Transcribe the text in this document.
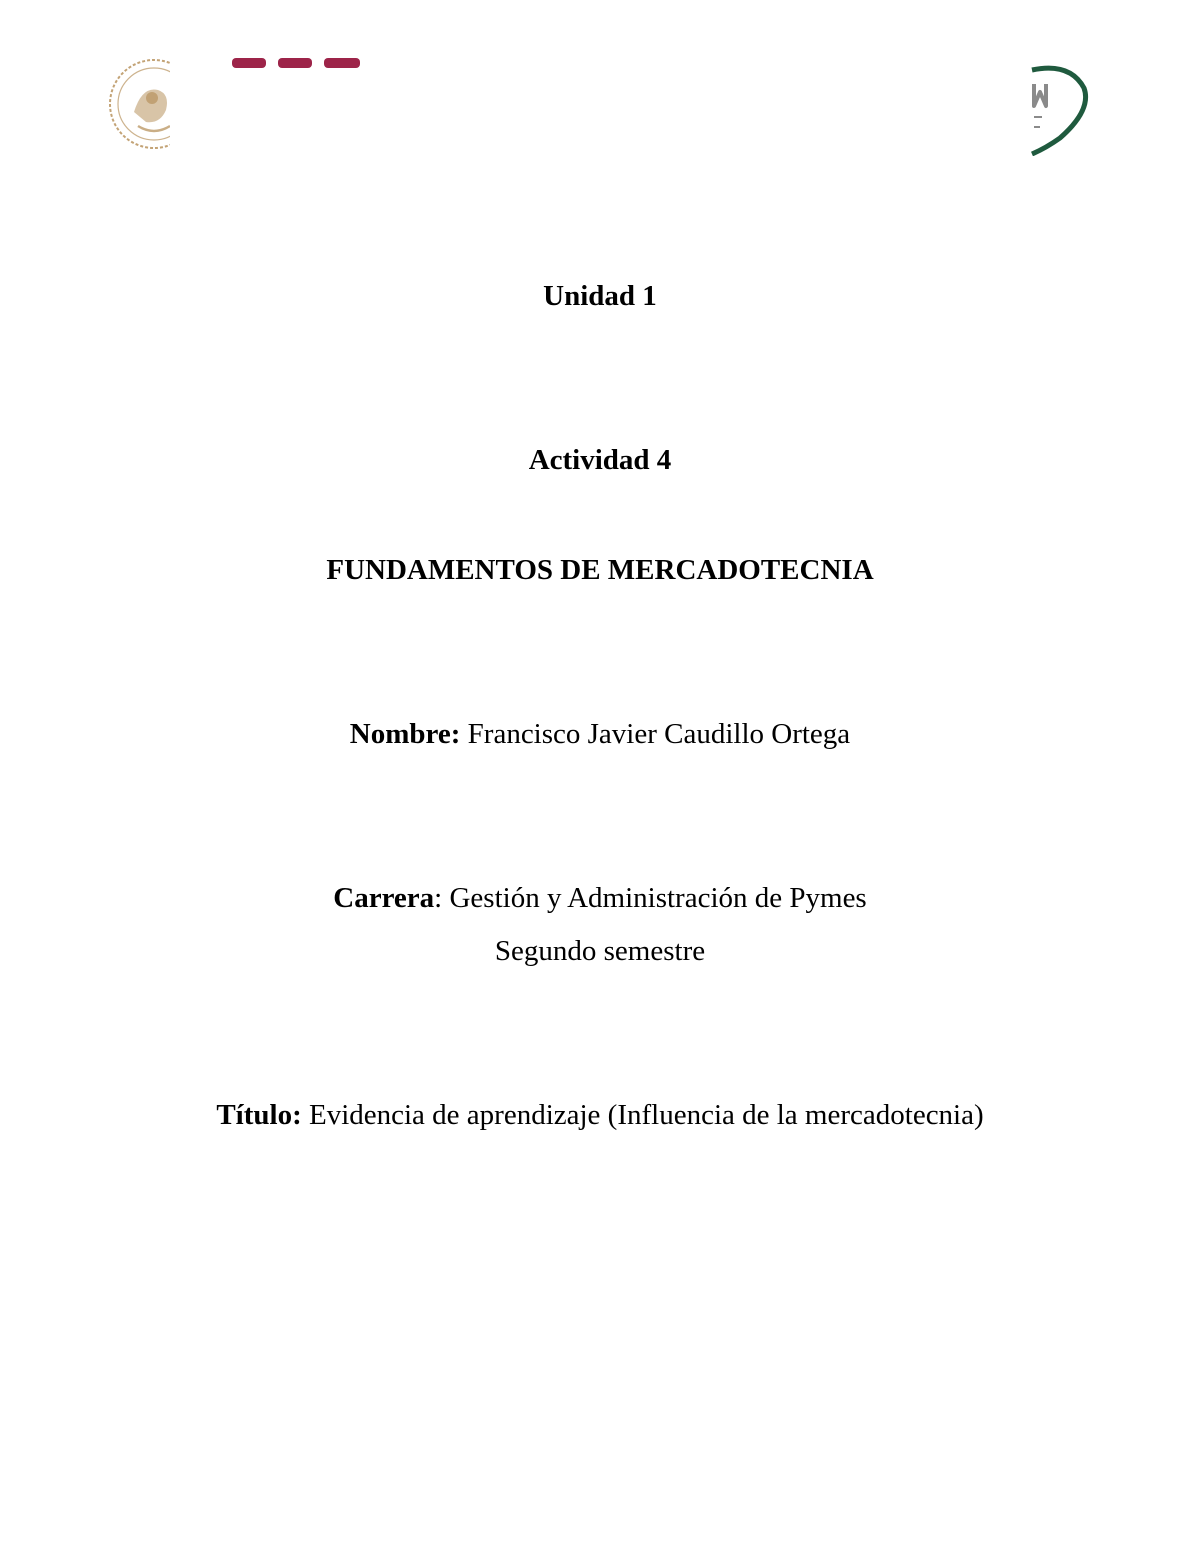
Unidad 1
Actividad 4
FUNDAMENTOS DE MERCADOTECNIA
Nombre: Francisco Javier Caudillo Ortega
Carrera: Gestión y Administración de Pymes
Segundo semestre
Título: Evidencia de aprendizaje (Influencia de la mercadotecnia)
